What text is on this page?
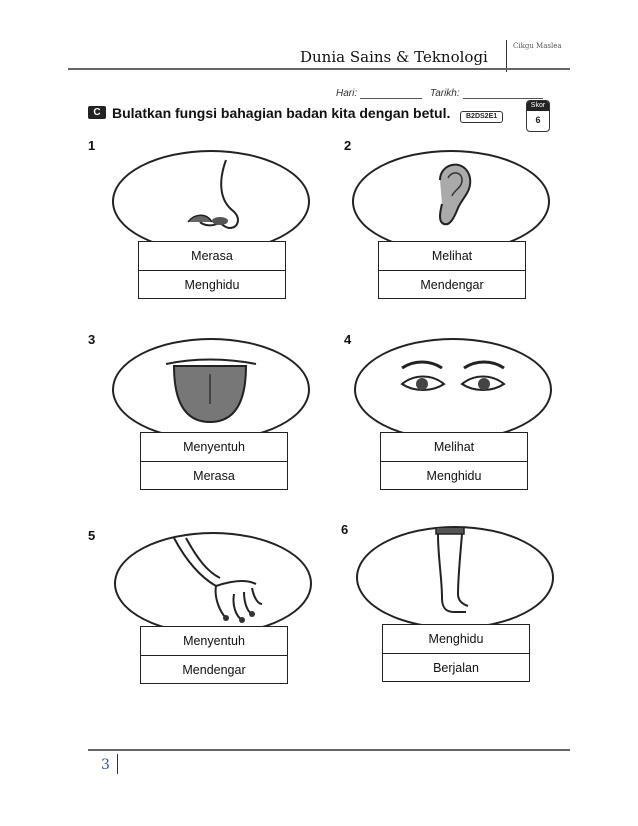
Dunia Sains & Teknologi
Cikgu Maslea
Hari:	Tarikh:
C Bulatkan fungsi bahagian badan kita dengan betul.	B2DS2E1
Skor
6
1
Merasa
Menghidu
2
Melihat
Mendengar
3
Menyentuh
Merasa
4
Melihat
Menghidu
5
Menyentuh
Mendengar
6
Menghidu
Berjalan
3
